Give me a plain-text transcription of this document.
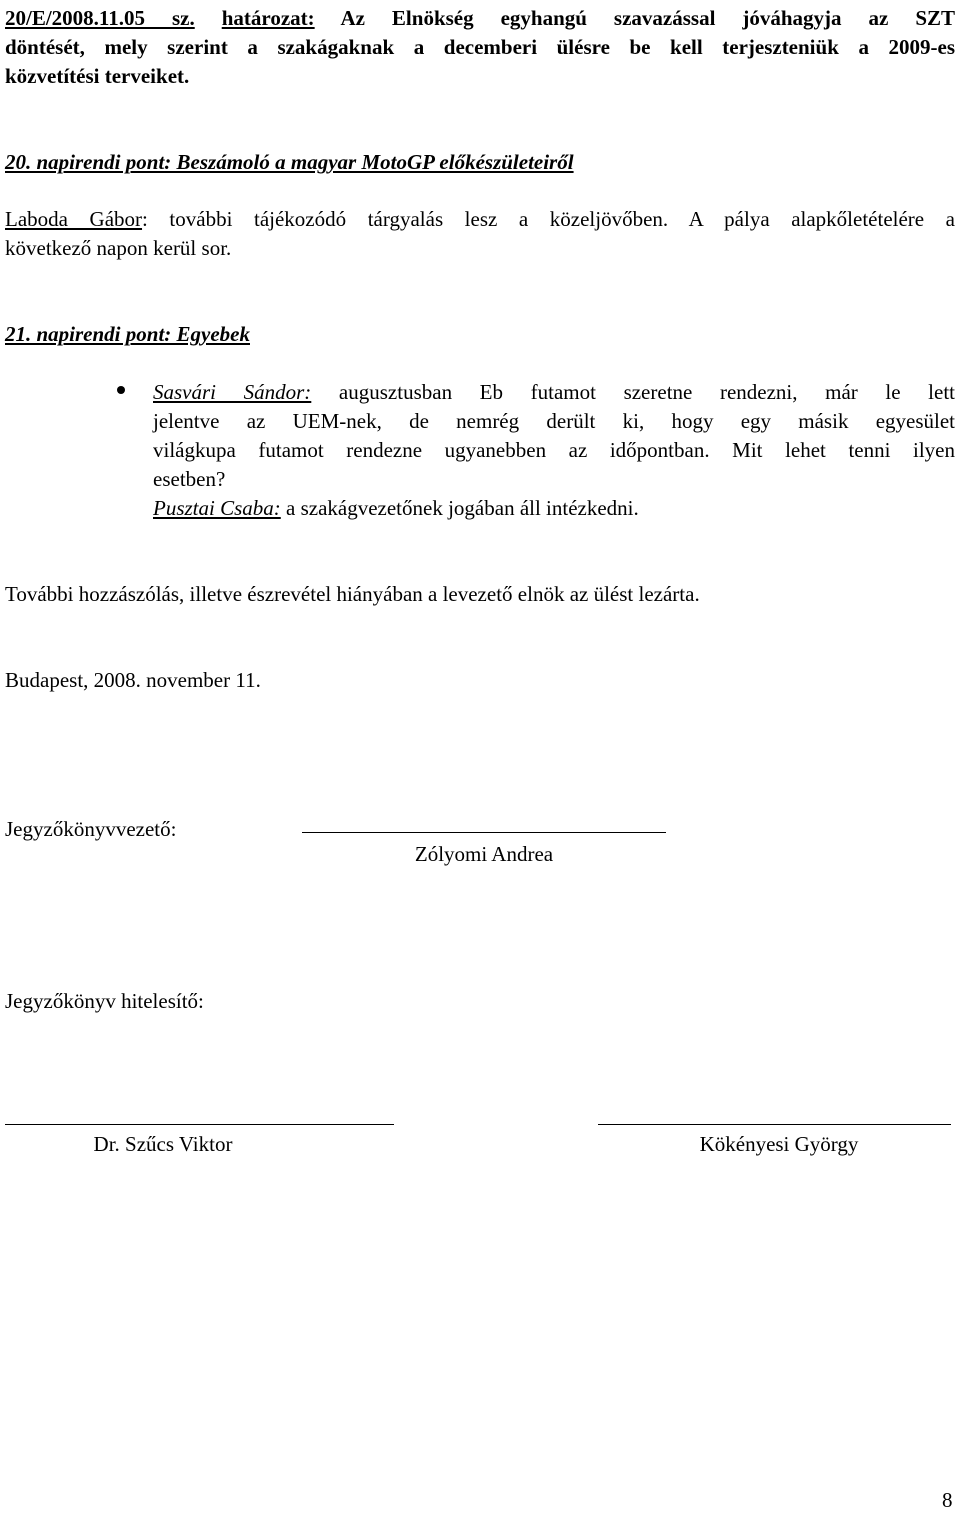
20/E/2008.11.05 sz. határozat: Az Elnökség egyhangú szavazással jóváhagyja az SZT
döntését, mely szerint a szakágaknak a decemberi ülésre be kell terjeszteniük a 2009-es
közvetítési terveiket.
20. napirendi pont: Beszámoló a magyar MotoGP előkészületeiről
Laboda Gábor: további tájékozódó tárgyalás lesz a közeljövőben. A pálya alapkőletételére a
következő napon kerül sor.
21. napirendi pont: Egyebek
Sasvári Sándor: augusztusban Eb futamot szeretne rendezni, már le lett
jelentve az UEM-nek, de nemrég derült ki, hogy egy másik egyesület
világkupa futamot rendezne ugyanebben az időpontban. Mit lehet tenni ilyen
esetben?
Pusztai Csaba: a szakágvezetőnek jogában áll intézkedni.
További hozzászólás, illetve észrevétel hiányában a levezető elnök az ülést lezárta.
Budapest, 2008. november 11.
Jegyzőkönyvvezető:
Zólyomi Andrea
Jegyzőkönyv hitelesítő:
Dr. Szűcs Viktor	Kökényesi György
8
